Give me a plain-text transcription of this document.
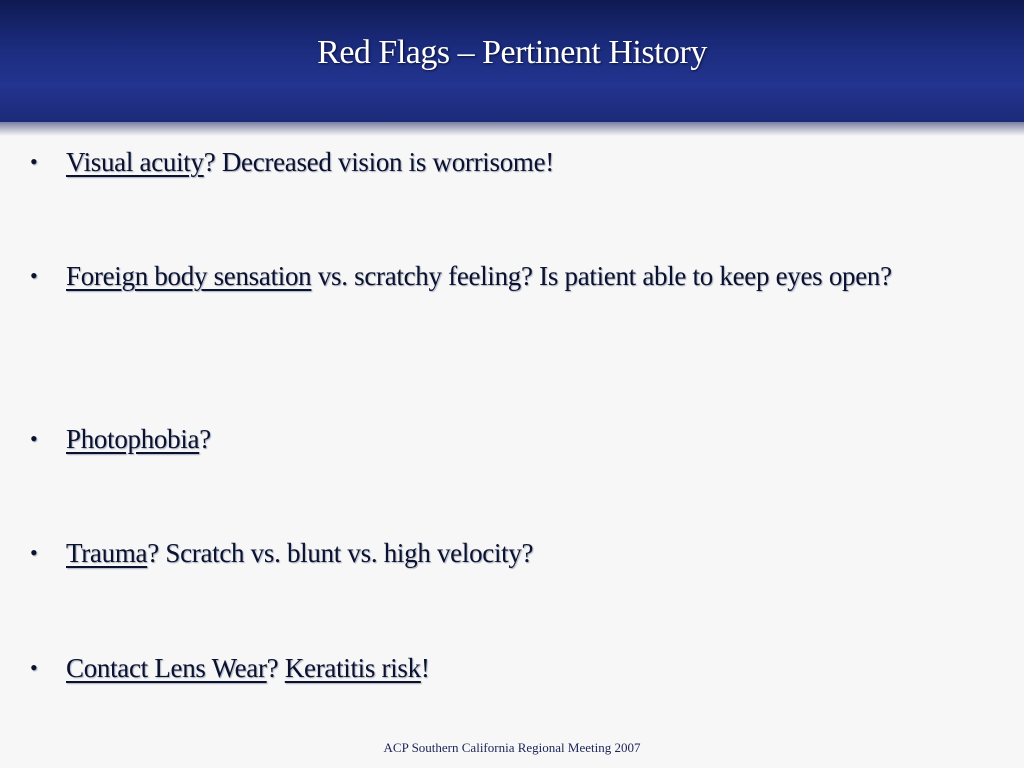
Red Flags – Pertinent History
•	Visual acuity? Decreased vision is worrisome!
•	Foreign body sensation vs. scratchy feeling? Is patient able to keep eyes open?
•	Photophobia?
•	Trauma? Scratch vs. blunt vs. high velocity?
•	Contact Lens Wear? Keratitis risk!
ACP Southern California Regional Meeting 2007
